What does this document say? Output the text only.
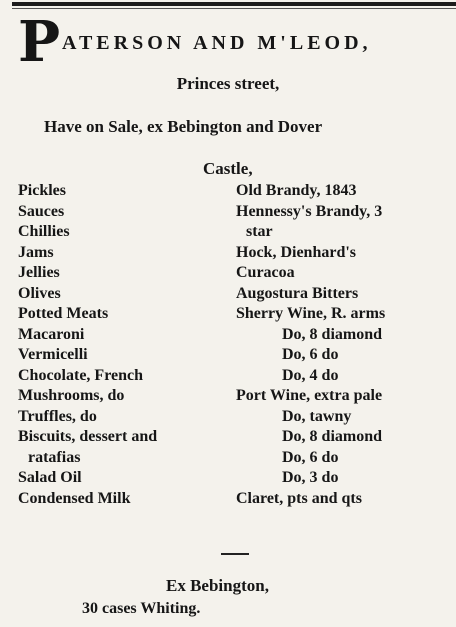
P ATERSON AND M'LEOD,
Princes street,
Have on Sale, ex Bebington and Dover
Castle,
Pickles
Sauces
Chillies
Jams
Jellies
Olives
Potted Meats
Macaroni
Vermicelli
Chocolate, French
Mushrooms, do
Truffles, do
Biscuits, dessert and
ratafias
Salad Oil
Condensed Milk
Old Brandy, 1843
Hennessy's Brandy, 3
star
Hock, Dienhard's
Curacoa
Augostura Bitters
Sherry Wine, R. arms
Do, 8 diamond
Do, 6 do
Do, 4 do
Port Wine, extra pale
Do, tawny
Do, 8 diamond
Do, 6 do
Do, 3 do
Claret, pts and qts
Ex Bebington,
30 cases Whiting.
